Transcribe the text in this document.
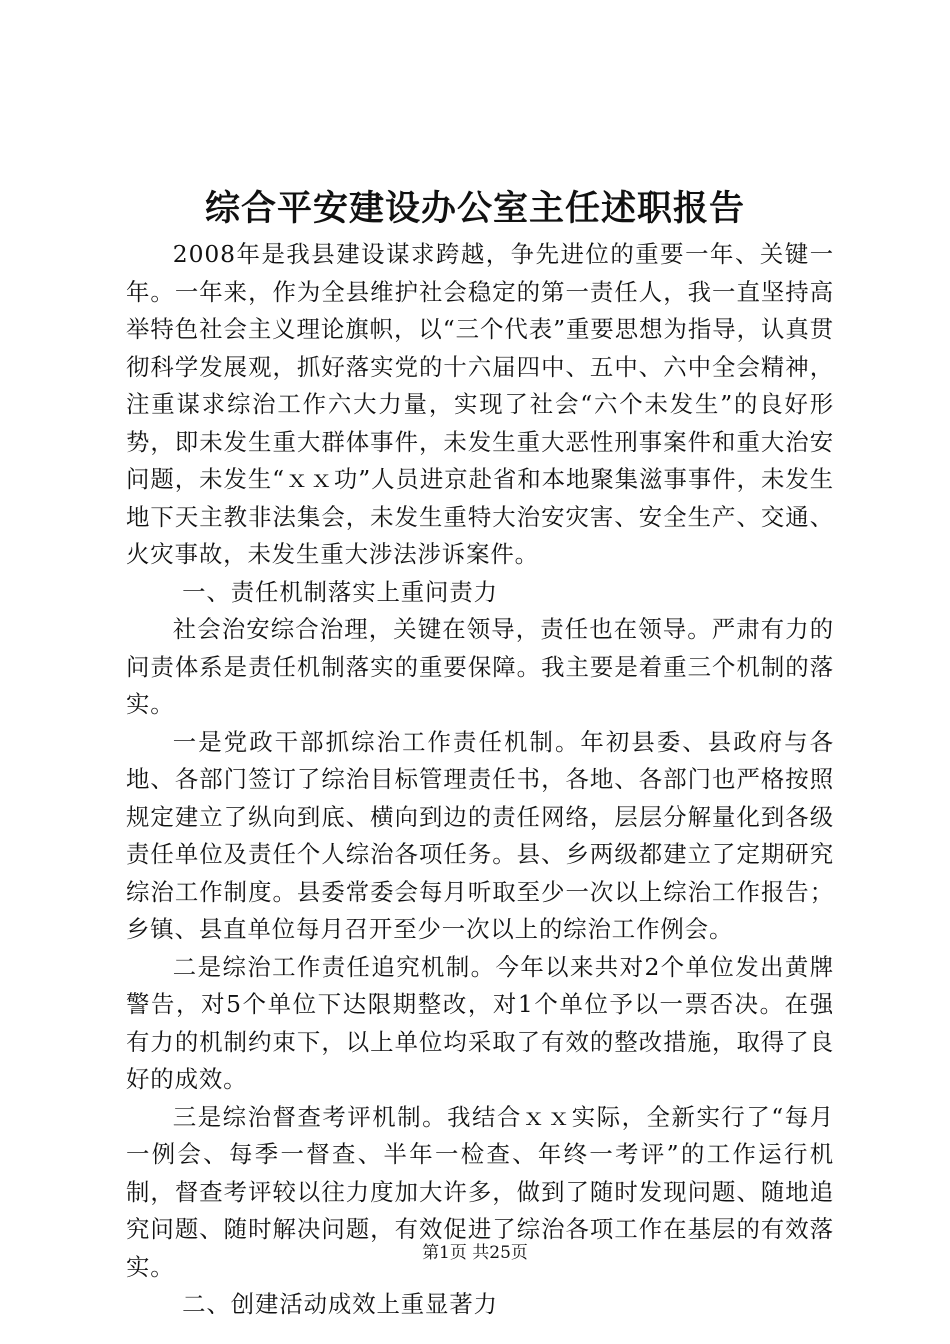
综合平安建设办公室主任述职报告

2008年是我县建设谋求跨越，争先进位的重要一年、关键一年。一年来，作为全县维护社会稳定的第一责任人，我一直坚持高举特色社会主义理论旗帜，以“三个代表”重要思想为指导，认真贯彻科学发展观，抓好落实党的十六届四中、五中、六中全会精神，注重谋求综治工作六大力量，实现了社会“六个未发生”的良好形势，即未发生重大群体事件，未发生重大恶性刑事案件和重大治安问题，未发生“ｘｘ功”人员进京赴省和本地聚集滋事事件，未发生地下天主教非法集会，未发生重特大治安灾害、安全生产、交通、火灾事故，未发生重大涉法涉诉案件。

一、责任机制落实上重问责力

社会治安综合治理，关键在领导，责任也在领导。严肃有力的问责体系是责任机制落实的重要保障。我主要是着重三个机制的落实。

一是党政干部抓综治工作责任机制。年初县委、县政府与各地、各部门签订了综治目标管理责任书，各地、各部门也严格按照规定建立了纵向到底、横向到边的责任网络，层层分解量化到各级责任单位及责任个人综治各项任务。县、乡两级都建立了定期研究综治工作制度。县委常委会每月听取至少一次以上综治工作报告；乡镇、县直单位每月召开至少一次以上的综治工作例会。

二是综治工作责任追究机制。今年以来共对2个单位发出黄牌警告，对5个单位下达限期整改，对1个单位予以一票否决。在强有力的机制约束下，以上单位均采取了有效的整改措施，取得了良好的成效。

三是综治督查考评机制。我结合ｘｘ实际，全新实行了“每月一例会、每季一督查、半年一检查、年终一考评”的工作运行机制，督查考评较以往力度加大许多，做到了随时发现问题、随地追究问题、随时解决问题，有效促进了综治各项工作在基层的有效落实。

二、创建活动成效上重显著力

第1页 共25页
